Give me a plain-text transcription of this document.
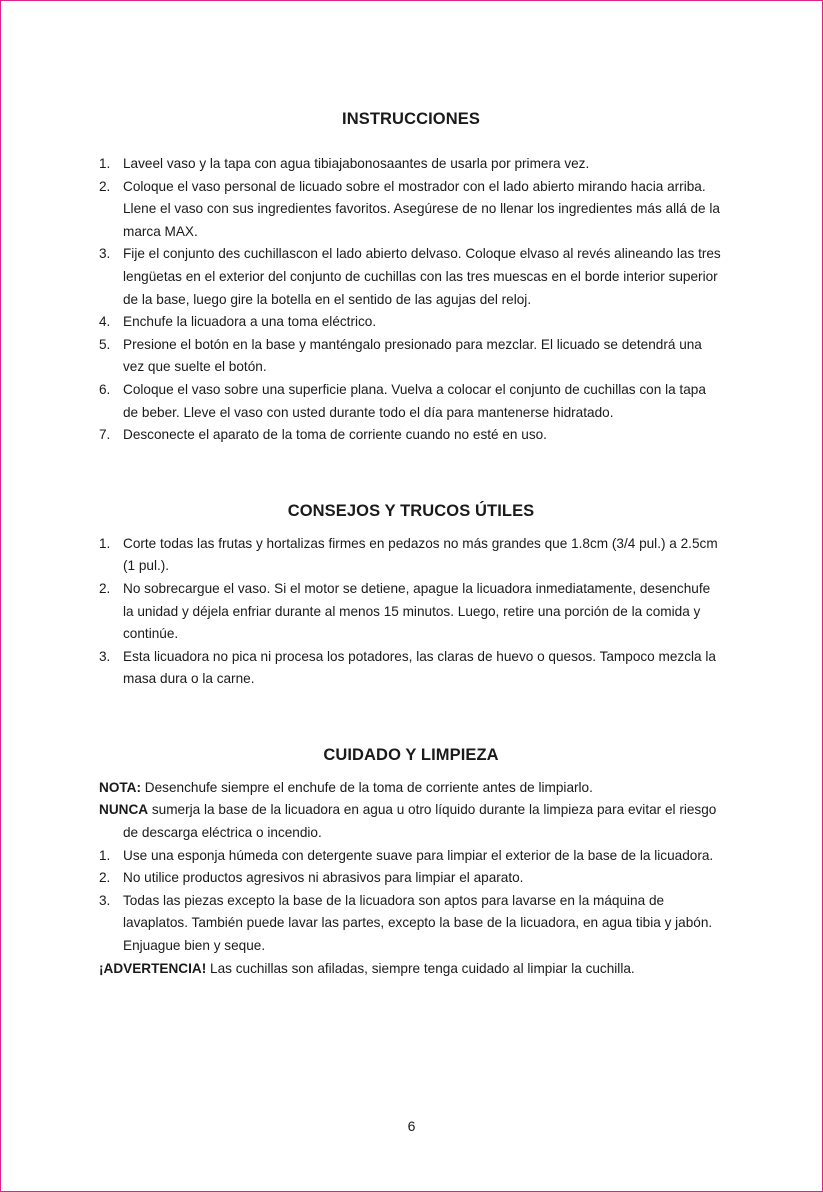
INSTRUCCIONES
1. Laveel vaso y la tapa con agua tibiajabonosaantes de usarla por primera vez.
2. Coloque el vaso personal de licuado sobre el mostrador con el lado abierto mirando hacia arriba. Llene el vaso con sus ingredientes favoritos. Asegúrese de no llenar los ingredientes más allá de la marca MAX.
3. Fije el conjunto des cuchillascon el lado abierto delvaso. Coloque elvaso al revés alineando las tres lengüetas en el exterior del conjunto de cuchillas con las tres muescas en el borde interior superior de la base, luego gire la botella en el sentido de las agujas del reloj.
4. Enchufe la licuadora a una toma eléctrico.
5. Presione el botón en la base y manténgalo presionado para mezclar. El licuado se detendrá una vez que suelte el botón.
6. Coloque el vaso sobre una superficie plana. Vuelva a colocar el conjunto de cuchillas con la tapa de beber. Lleve el vaso con usted durante todo el día para mantenerse hidratado.
7. Desconecte el aparato de la toma de corriente cuando no esté en uso.
CONSEJOS Y TRUCOS ÚTILES
1. Corte todas las frutas y hortalizas firmes en pedazos no más grandes que 1.8cm (3/4 pul.) a 2.5cm (1 pul.).
2. No sobrecargue el vaso. Si el motor se detiene, apague la licuadora inmediatamente, desenchufe la unidad y déjela enfriar durante al menos 15 minutos. Luego, retire una porción de la comida y continúe.
3. Esta licuadora no pica ni procesa los potadores, las claras de huevo o quesos. Tampoco mezcla la masa dura o la carne.
CUIDADO Y LIMPIEZA
NOTA: Desenchufe siempre el enchufe de la toma de corriente antes de limpiarlo.
NUNCA sumerja la base de la licuadora en agua u otro líquido durante la limpieza para evitar el riesgo de descarga eléctrica o incendio.
1. Use una esponja húmeda con detergente suave para limpiar el exterior de la base de la licuadora.
2. No utilice productos agresivos ni abrasivos para limpiar el aparato.
3. Todas las piezas excepto la base de la licuadora son aptos para lavarse en la máquina de lavaplatos. También puede lavar las partes, excepto la base de la licuadora, en agua tibia y jabón. Enjuague bien y seque.
¡ADVERTENCIA! Las cuchillas son afiladas, siempre tenga cuidado al limpiar la cuchilla.
6
